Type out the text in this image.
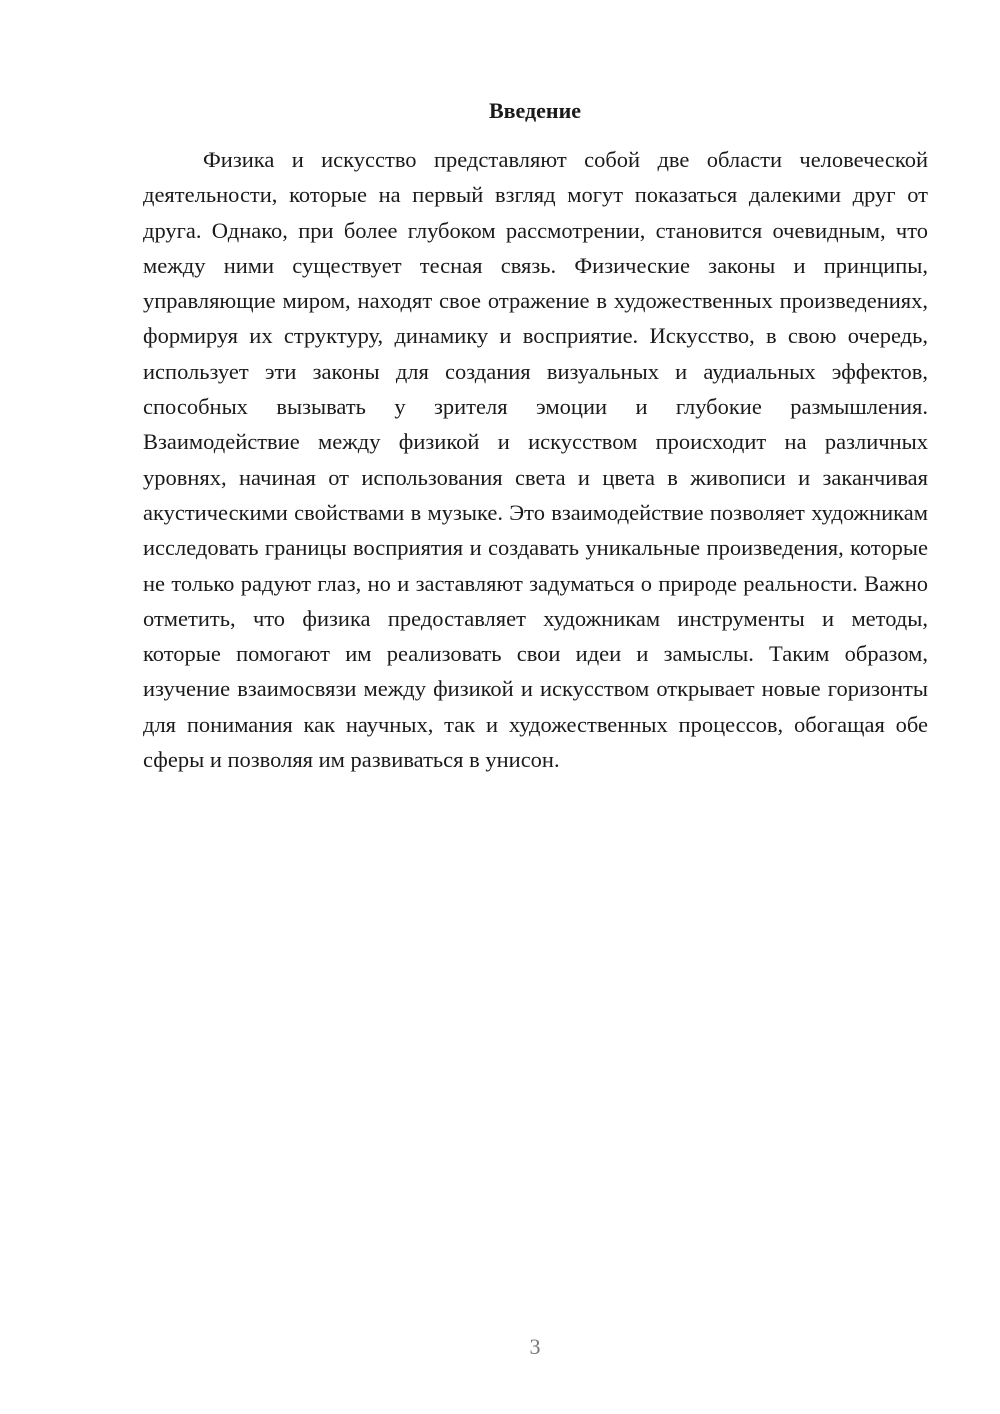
Введение

Физика и искусство представляют собой две области человеческой деятельности, которые на первый взгляд могут показаться далекими друг от друга. Однако, при более глубоком рассмотрении, становится очевидным, что между ними существует тесная связь. Физические законы и принципы, управляющие миром, находят свое отражение в художественных произведениях, формируя их структуру, динамику и восприятие. Искусство, в свою очередь, использует эти законы для создания визуальных и аудиальных эффектов, способных вызывать у зрителя эмоции и глубокие размышления. Взаимодействие между физикой и искусством происходит на различных уровнях, начиная от использования света и цвета в живописи и заканчивая акустическими свойствами в музыке. Это взаимодействие позволяет художникам исследовать границы восприятия и создавать уникальные произведения, которые не только радуют глаз, но и заставляют задуматься о природе реальности. Важно отметить, что физика предоставляет художникам инструменты и методы, которые помогают им реализовать свои идеи и замыслы. Таким образом, изучение взаимосвязи между физикой и искусством открывает новые горизонты для понимания как научных, так и художественных процессов, обогащая обе сферы и позволяя им развиваться в унисон.

3
